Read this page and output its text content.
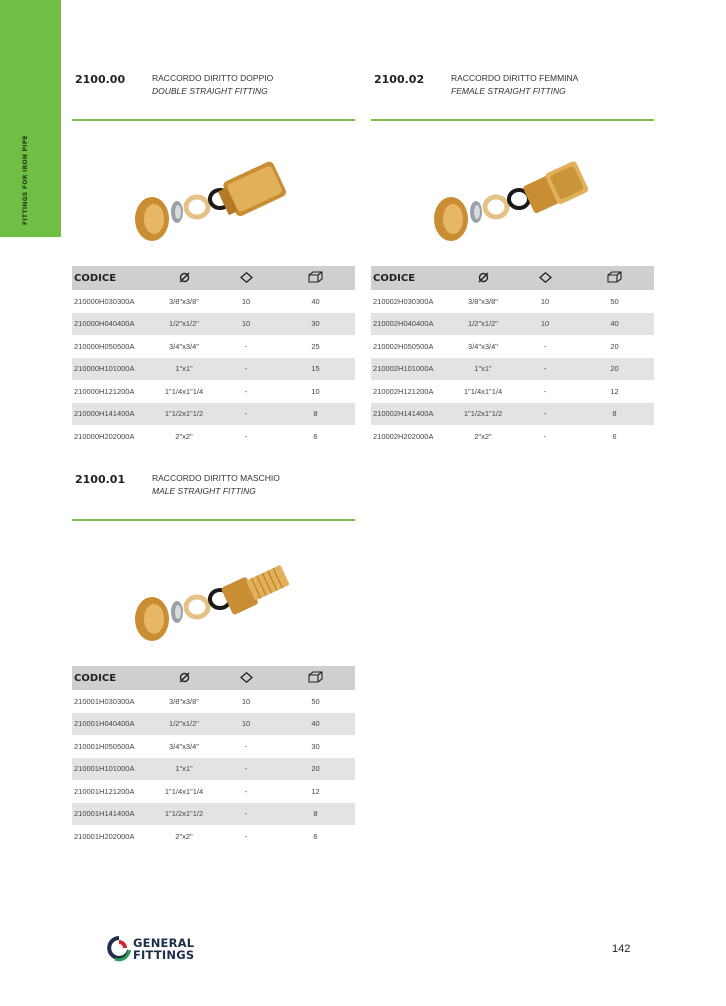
FITTINGS FOR IRON PIPE
2100.00	RACCORDO DIRITTO DOPPIO
DOUBLE STRAIGHT FITTING
CODICE
210000H030300A	3/8"x3/8"	10	40
210000H040400A	1/2"x1/2"	10	30
210000H050500A	3/4"x3/4"	-	25
210000H101000A	1"x1"	-	15
210000H121200A	1"1/4x1"1/4	-	10
210000H141400A	1"1/2x1"1/2	-	8
210000H202000A	2"x2"	-	6
2100.02	RACCORDO DIRITTO FEMMINA
FEMALE STRAIGHT FITTING
CODICE
210002H030300A	3/8"x3/8"	10	50
210002H040400A	1/2"x1/2"	10	40
210002H050500A	3/4"x3/4"	-	20
210002H101000A	1"x1"	-	20
210002H121200A	1"1/4x1"1/4	-	12
210002H141400A	1"1/2x1"1/2	-	8
210002H202000A	2"x2"	-	6
2100.01	RACCORDO DIRITTO MASCHIO
MALE STRAIGHT FITTING
CODICE
210001H030300A	3/8"x3/8"	10	50
210001H040400A	1/2"x1/2"	10	40
210001H050500A	3/4"x3/4"	-	30
210001H101000A	1"x1"	-	20
210001H121200A	1"1/4x1"1/4	-	12
210001H141400A	1"1/2x1"1/2	-	8
210001H202000A	2"x2"	-	6
GENERAL
FITTINGS	142
